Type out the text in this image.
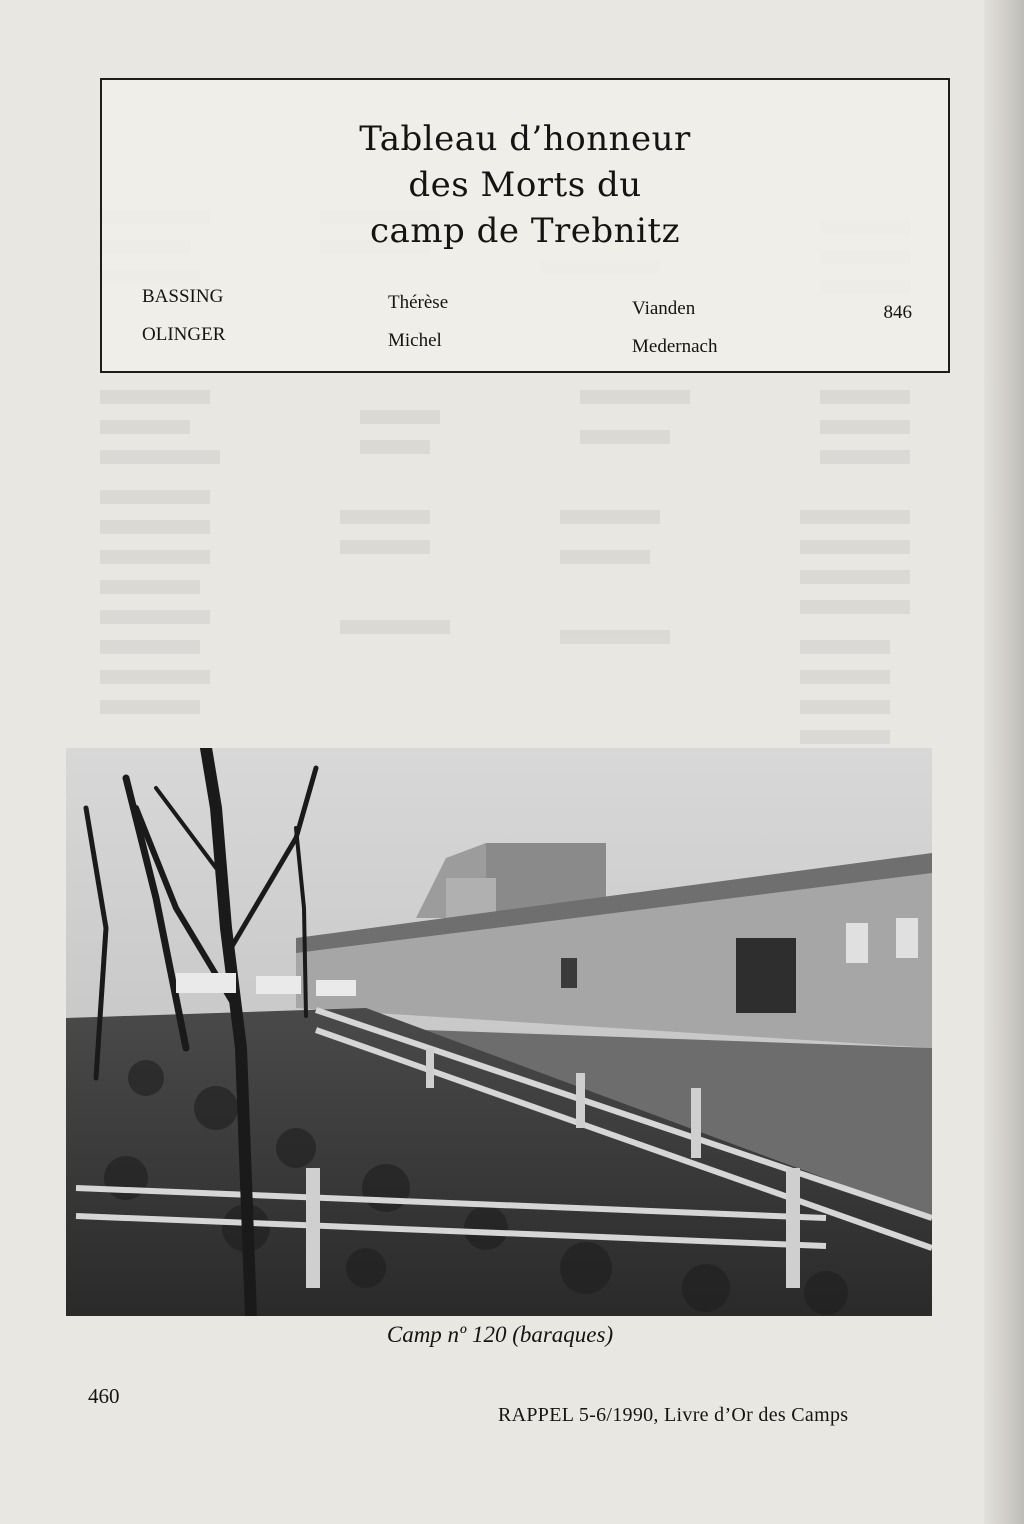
Tableau d’honneur
des Morts du
camp de Trebnitz
BASSING	Thérèse	Vianden	846
OLINGER	Michel	Medernach
Camp nº 120 (baraques)
460
RAPPEL 5-6/1990, Livre d’Or des Camps
